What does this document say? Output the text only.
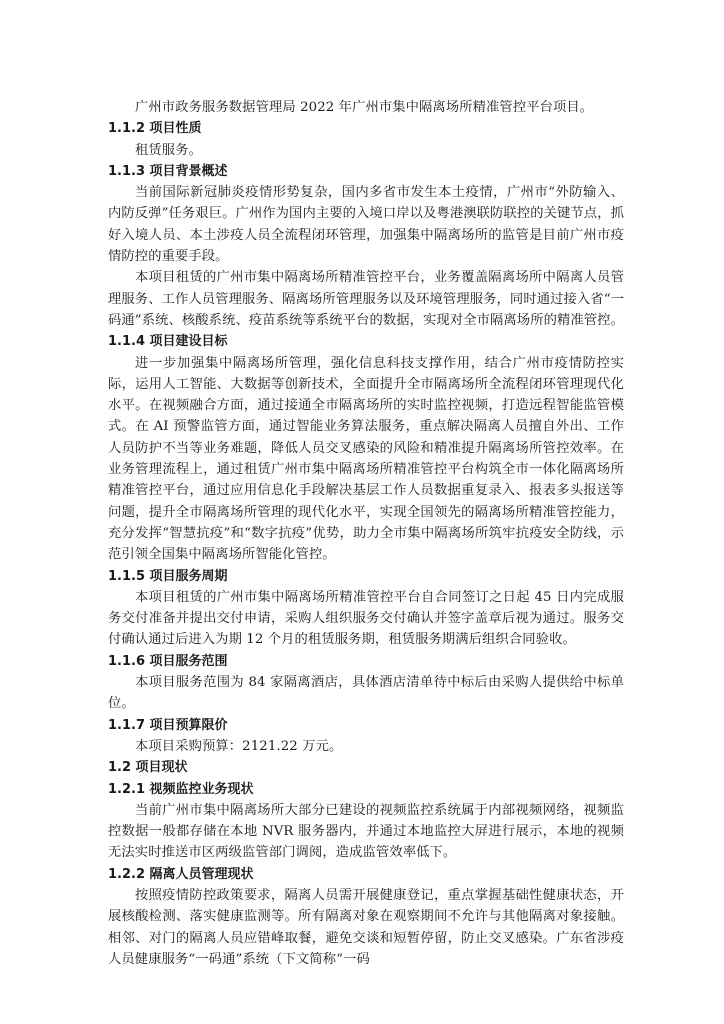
广州市政务服务数据管理局 2022 年广州市集中隔离场所精准管控平台项目。

1.1.2 项目性质

租赁服务。

1.1.3 项目背景概述

当前国际新冠肺炎疫情形势复杂，国内多省市发生本土疫情，广州市“外防输入、内防反弹”任务艰巨。广州作为国内主要的入境口岸以及粤港澳联防联控的关键节点，抓好入境人员、本土涉疫人员全流程闭环管理，加强集中隔离场所的监管是目前广州市疫情防控的重要手段。

本项目租赁的广州市集中隔离场所精准管控平台，业务覆盖隔离场所中隔离人员管理服务、工作人员管理服务、隔离场所管理服务以及环境管理服务，同时通过接入省“一码通”系统、核酸系统、疫苗系统等系统平台的数据，实现对全市隔离场所的精准管控。

1.1.4 项目建设目标

进一步加强集中隔离场所管理，强化信息科技支撑作用，结合广州市疫情防控实际，运用人工智能、大数据等创新技术，全面提升全市隔离场所全流程闭环管理现代化水平。在视频融合方面，通过接通全市隔离场所的实时监控视频，打造远程智能监管模式。在 AI 预警监管方面，通过智能业务算法服务，重点解决隔离人员擅自外出、工作人员防护不当等业务难题，降低人员交叉感染的风险和精准提升隔离场所管控效率。在业务管理流程上，通过租赁广州市集中隔离场所精准管控平台构筑全市一体化隔离场所精准管控平台，通过应用信息化手段解决基层工作人员数据重复录入、报表多头报送等问题，提升全市隔离场所管理的现代化水平，实现全国领先的隔离场所精准管控能力，充分发挥“智慧抗疫”和“数字抗疫”优势，助力全市集中隔离场所筑牢抗疫安全防线，示范引领全国集中隔离场所智能化管控。

1.1.5 项目服务周期

本项目租赁的广州市集中隔离场所精准管控平台自合同签订之日起 45 日内完成服务交付准备并提出交付申请，采购人组织服务交付确认并签字盖章后视为通过。服务交付确认通过后进入为期 12 个月的租赁服务期，租赁服务期满后组织合同验收。

1.1.6 项目服务范围

本项目服务范围为 84 家隔离酒店，具体酒店清单待中标后由采购人提供给中标单位。

1.1.7 项目预算限价

本项目采购预算：2121.22 万元。

1.2 项目现状
1.2.1 视频监控业务现状

当前广州市集中隔离场所大部分已建设的视频监控系统属于内部视频网络，视频监控数据一般都存储在本地 NVR 服务器内，并通过本地监控大屏进行展示，本地的视频无法实时推送市区两级监管部门调阅，造成监管效率低下。

1.2.2 隔离人员管理现状

按照疫情防控政策要求，隔离人员需开展健康登记，重点掌握基础性健康状态，开展核酸检测、落实健康监测等。所有隔离对象在观察期间不允许与其他隔离对象接触。相邻、对门的隔离人员应错峰取餐，避免交谈和短暂停留，防止交叉感染。广东省涉疫人员健康服务“一码通”系统（下文简称“一码
